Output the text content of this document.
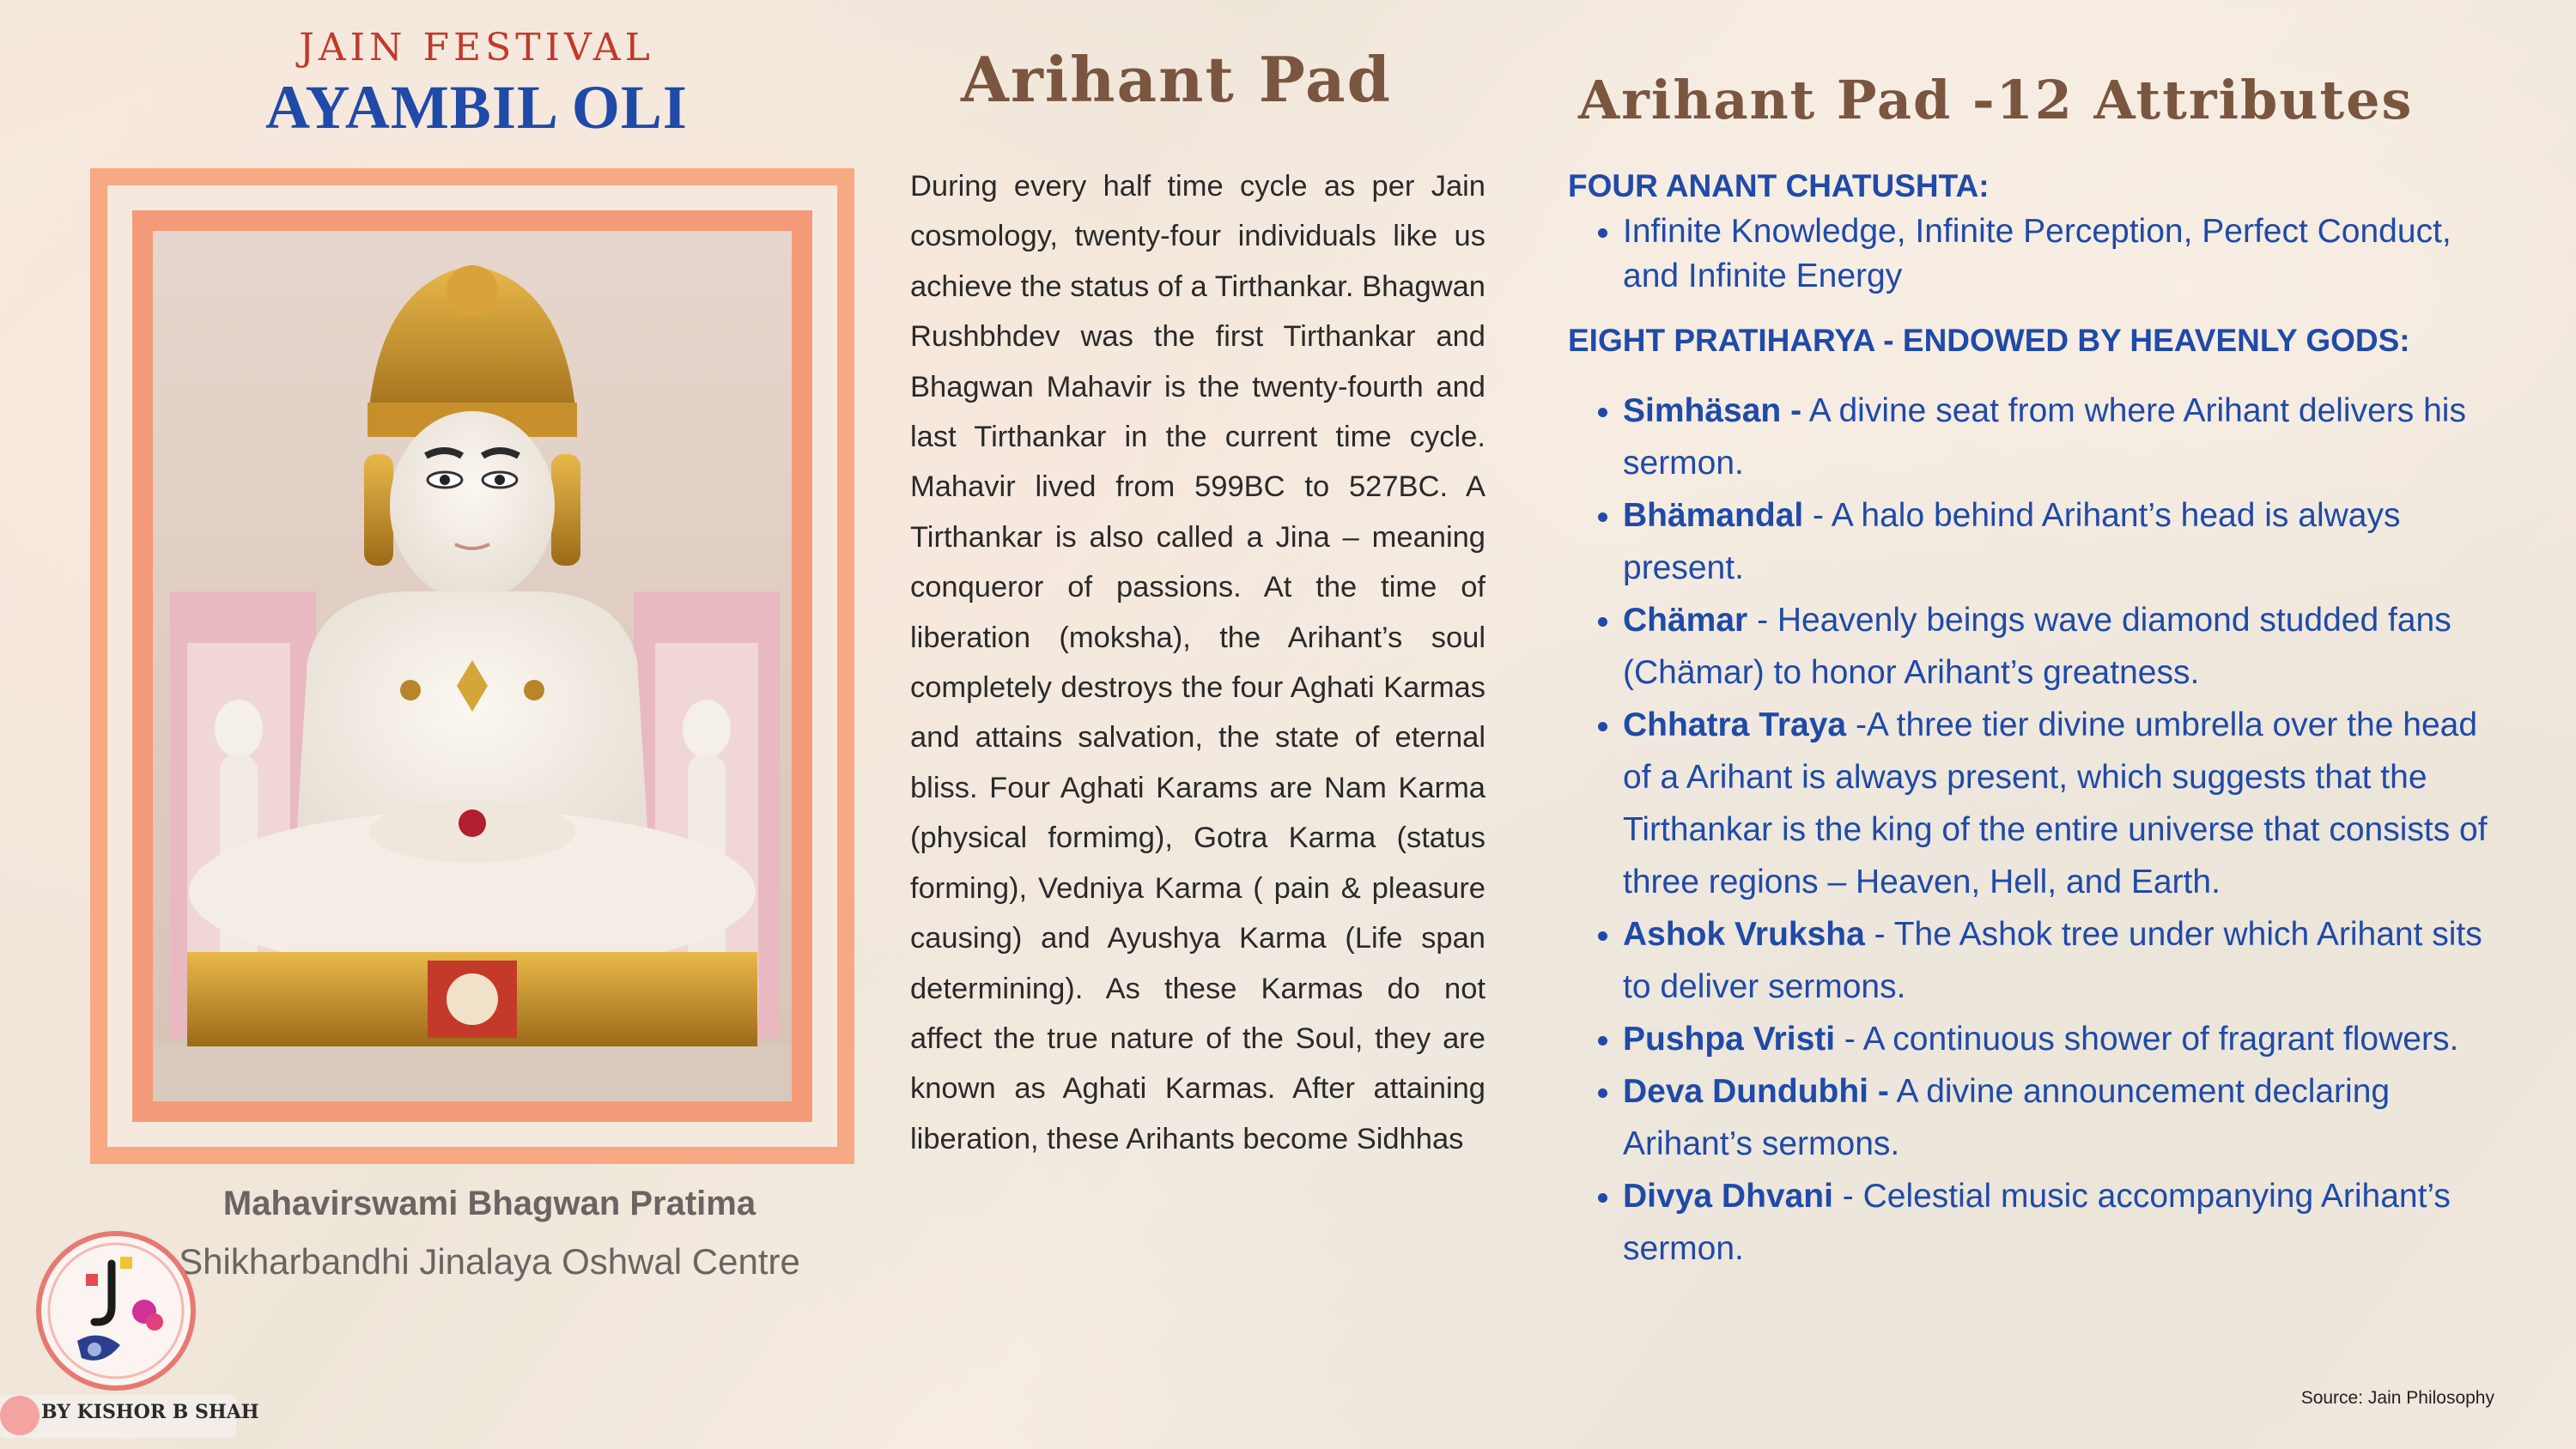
JAIN FESTIVAL
AYAMBIL OLI
Mahavirswami Bhagwan Pratima
Shikharbandhi Jinalaya Oshwal Centre
BY KISHOR B SHAH
Arihant Pad

During every half time cycle as per Jain cosmology, twenty-four individuals like us achieve the status of a Tirthankar. Bhagwan Rushbhdev was the first Tirthankar and Bhagwan Mahavir is the twenty-fourth and last Tirthankar in the current time cycle. Mahavir lived from 599BC to 527BC. A Tirthankar is also called a Jina – meaning conqueror of passions. At the time of liberation (moksha), the Arihant’s soul completely destroys the four Aghati Karmas and attains salvation, the state of eternal bliss. Four Aghati Karams are Nam Karma (physical formimg), Gotra Karma (status forming), Vedniya Karma ( pain & pleasure causing) and Ayushya Karma (Life span determining). As these Karmas do not affect the true nature of the Soul, they are known as Aghati Karmas. After attaining liberation, these Arihants become Sidhhas

Arihant Pad -12 Attributes

FOUR ANANT CHATUSHTA:

• Infinite Knowledge, Infinite Perception, Perfect Conduct, and Infinite Energy

EIGHT PRATIHARYA - ENDOWED BY HEAVENLY GODS:

• Simhäsan - A divine seat from where Arihant delivers his sermon.
• Bhämandal - A halo behind Arihant’s head is always present.
• Chämar - Heavenly beings wave diamond studded fans (Chämar) to honor Arihant’s greatness.
• Chhatra Traya -A three tier divine umbrella over the head of a Arihant is always present, which suggests that the Tirthankar is the king of the entire universe that consists of three regions – Heaven, Hell, and Earth.
• Ashok Vruksha - The Ashok tree under which Arihant sits to deliver sermons.
• Pushpa Vristi - A continuous shower of fragrant flowers.
• Deva Dundubhi - A divine announcement declaring Arihant’s sermons.
• Divya Dhvani - Celestial music accompanying Arihant’s sermon.
Source: Jain Philosophy
